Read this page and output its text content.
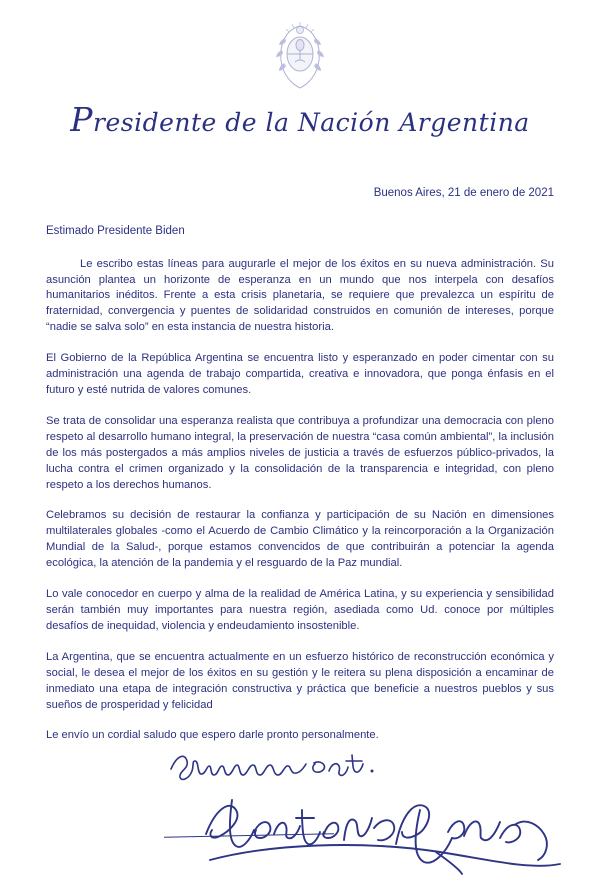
Presidente de la Nación Argentina
Buenos Aires, 21 de enero de 2021
Estimado Presidente Biden

Le escribo estas líneas para augurarle el mejor de los éxitos en su nueva administración. Su asunción plantea un horizonte de esperanza en un mundo que nos interpela con desafíos humanitarios inéditos. Frente a esta crisis planetaria, se requiere que prevalezca un espíritu de fraternidad, convergencia y puentes de solidaridad construidos en comunión de intereses, porque “nadie se salva solo” en esta instancia de nuestra historia.

El Gobierno de la República Argentina se encuentra listo y esperanzado en poder cimentar con su administración una agenda de trabajo compartida, creativa e innovadora, que ponga énfasis en el futuro y esté nutrida de valores comunes.

Se trata de consolidar una esperanza realista que contribuya a profundizar una democracia con pleno respeto al desarrollo humano integral, la preservación de nuestra “casa común ambiental”, la inclusión de los más postergados a más amplios niveles de justicia a través de esfuerzos público-privados, la lucha contra el crimen organizado y la consolidación de la transparencia e integridad, con pleno respeto a los derechos humanos.

Celebramos su decisión de restaurar la confianza y participación de su Nación en dimensiones multilaterales globales -como el Acuerdo de Cambio Climático y la reincorporación a la Organización Mundial de la Salud-, porque estamos convencidos de que contribuirán a potenciar la agenda ecológica, la atención de la pandemia y el resguardo de la Paz mundial.

Lo vale conocedor en cuerpo y alma de la realidad de América Latina, y su experiencia y sensibilidad serán también muy importantes para nuestra región, asediada como Ud. conoce por múltiples desafíos de inequidad, violencia y endeudamiento insostenible.

La Argentina, que se encuentra actualmente en un esfuerzo histórico de reconstrucción económica y social, le desea el mejor de los éxitos en su gestión y le reitera su plena disposición a encaminar de inmediato una etapa de integración constructiva y práctica que beneficie a nuestros pueblos y sus sueños de prosperidad y felicidad

Le envío un cordial saludo que espero darle pronto personalmente.
